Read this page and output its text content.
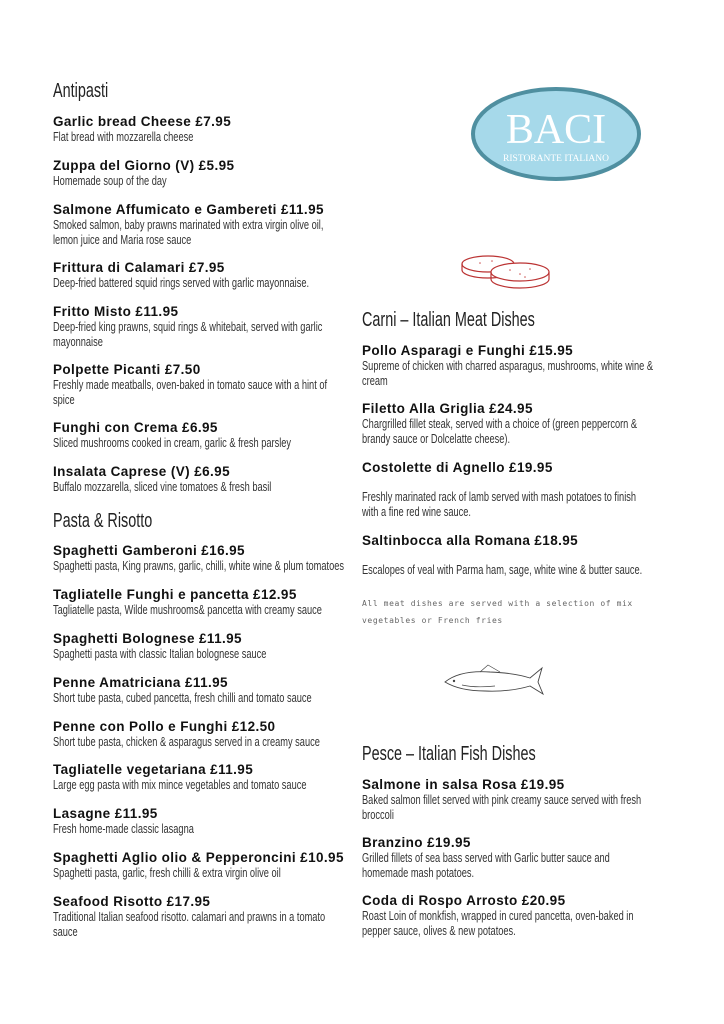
BACI
RISTORANTE ITALIANO
Antipasti
Pasta & Risotto
Carni – Italian Meat Dishes
Pesce – Italian Fish Dishes
Garlic bread Cheese £7.95
Flat bread with mozzarella cheese
Zuppa del Giorno (V) £5.95
Homemade soup of the day
Salmone Affumicato e Gambereti £11.95
Smoked salmon, baby prawns marinated with extra virgin olive oil, lemon juice and Maria rose sauce
Frittura di Calamari £7.95
Deep-fried battered squid rings served with garlic mayonnaise.
Fritto Misto £11.95
Deep-fried king prawns, squid rings & whitebait, served with garlic mayonnaise
Polpette Picanti £7.50
Freshly made meatballs, oven-baked in tomato sauce with a hint of spice
Funghi con Crema £6.95
Sliced mushrooms cooked in cream, garlic & fresh parsley
Insalata Caprese (V) £6.95
Buffalo mozzarella, sliced vine tomatoes & fresh basil
Spaghetti Gamberoni £16.95
Spaghetti pasta, King prawns, garlic, chilli, white wine & plum tomatoes
Tagliatelle Funghi e pancetta £12.95
Tagliatelle pasta, Wilde mushrooms& pancetta with creamy sauce
Spaghetti Bolognese £11.95
Spaghetti pasta with classic Italian bolognese sauce
Penne Amatriciana £11.95
Short tube pasta, cubed pancetta, fresh chilli and tomato sauce
Penne con Pollo e Funghi £12.50
Short tube pasta, chicken & asparagus served in a creamy sauce
Tagliatelle vegetariana £11.95
Large egg pasta with mix mince vegetables and tomato sauce
Lasagne £11.95
Fresh home-made classic lasagna
Spaghetti Aglio olio & Pepperoncini £10.95
Spaghetti pasta, garlic, fresh chilli & extra virgin olive oil
Seafood Risotto £17.95
Traditional Italian seafood risotto. calamari and prawns in a tomato sauce
Pollo Asparagi e Funghi £15.95
Supreme of chicken with charred asparagus, mushrooms, white wine & cream
Filetto Alla Griglia £24.95
Chargrilled fillet steak, served with a choice of (green peppercorn & brandy sauce or Dolcelatte cheese).
Costolette di Agnello £19.95
Freshly marinated rack of lamb served with mash potatoes to finish with a fine red wine sauce.
Saltinbocca alla Romana £18.95
Escalopes of veal with Parma ham, sage, white wine & butter sauce.
All meat dishes are served with a selection of mix vegetables or French fries
Salmone in salsa Rosa £19.95
Baked salmon fillet served with pink creamy sauce served with fresh broccoli
Branzino £19.95
Grilled fillets of sea bass served with Garlic butter sauce and homemade mash potatoes.
Coda di Rospo Arrosto £20.95
Roast Loin of monkfish, wrapped in cured pancetta, oven-baked in pepper sauce, olives & new potatoes.
